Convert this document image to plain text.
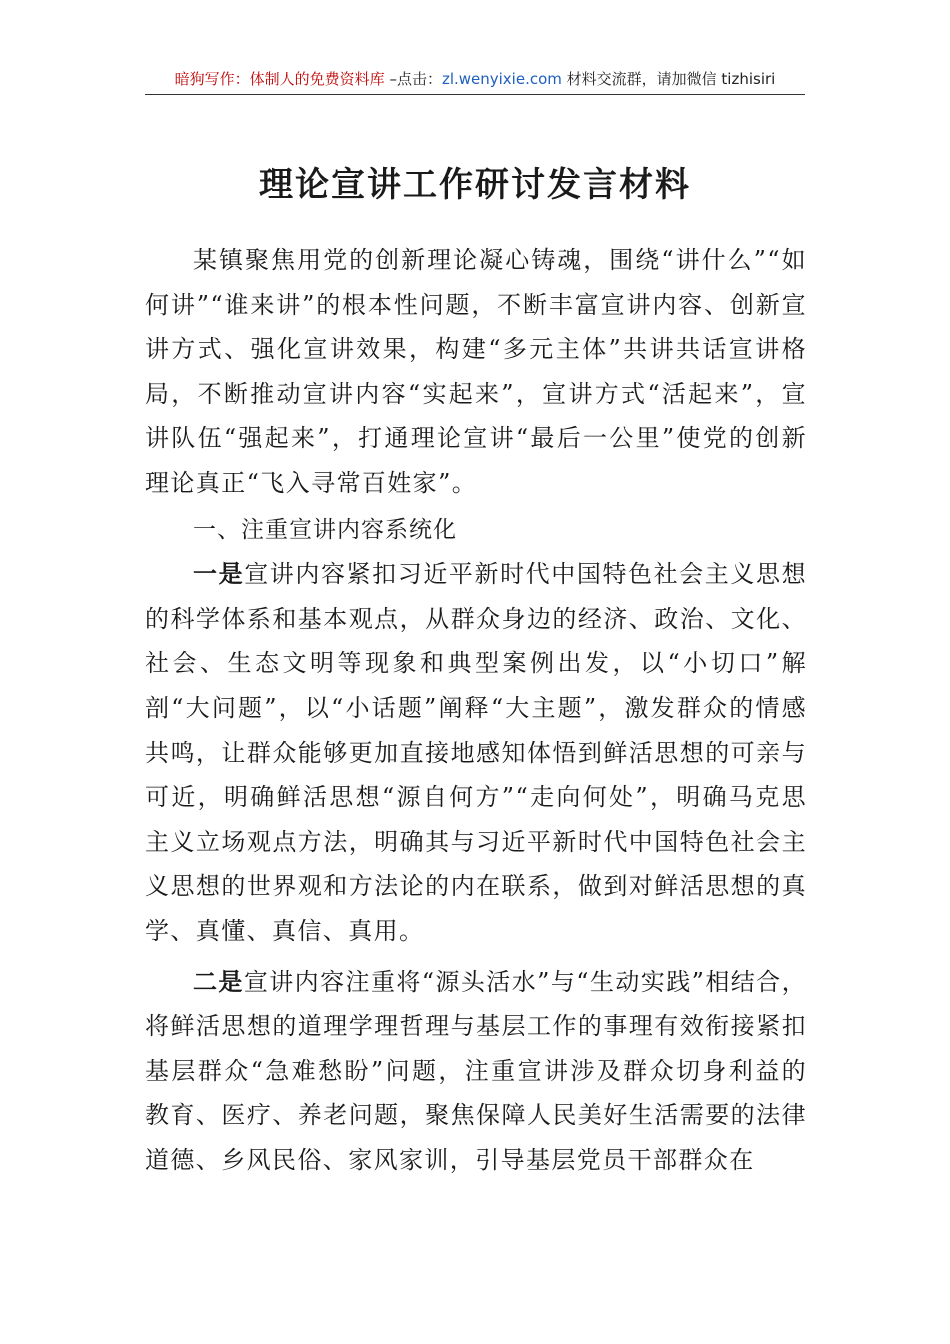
暗狗写作：体制人的免费资料库 –点击：zl.wenyixie.com 材料交流群，请加微信 tizhisiri
理论宣讲工作研讨发言材料

某镇聚焦用党的创新理论凝心铸魂，围绕“讲什么”“如何讲”“谁来讲”的根本性问题，不断丰富宣讲内容、创新宣讲方式、强化宣讲效果，构建“多元主体”共讲共话宣讲格局，不断推动宣讲内容“实起来”，宣讲方式“活起来”，宣讲队伍“强起来”，打通理论宣讲“最后一公里”使党的创新理论真正“飞入寻常百姓家”。

一、注重宣讲内容系统化

一是宣讲内容紧扣习近平新时代中国特色社会主义思想的科学体系和基本观点，从群众身边的经济、政治、文化、社会、生态文明等现象和典型案例出发，以“小切口”解剖“大问题”，以“小话题”阐释“大主题”，激发群众的情感共鸣，让群众能够更加直接地感知体悟到鲜活思想的可亲与可近，明确鲜活思想“源自何方”“走向何处”，明确马克思主义立场观点方法，明确其与习近平新时代中国特色社会主义思想的世界观和方法论的内在联系，做到对鲜活思想的真学、真懂、真信、真用。

二是宣讲内容注重将“源头活水”与“生动实践”相结合，将鲜活思想的道理学理哲理与基层工作的事理有效衔接紧扣基层群众“急难愁盼”问题，注重宣讲涉及群众切身利益的教育、医疗、养老问题，聚焦保障人民美好生活需要的法律道德、乡风民俗、家风家训，引导基层党员干部群众在
